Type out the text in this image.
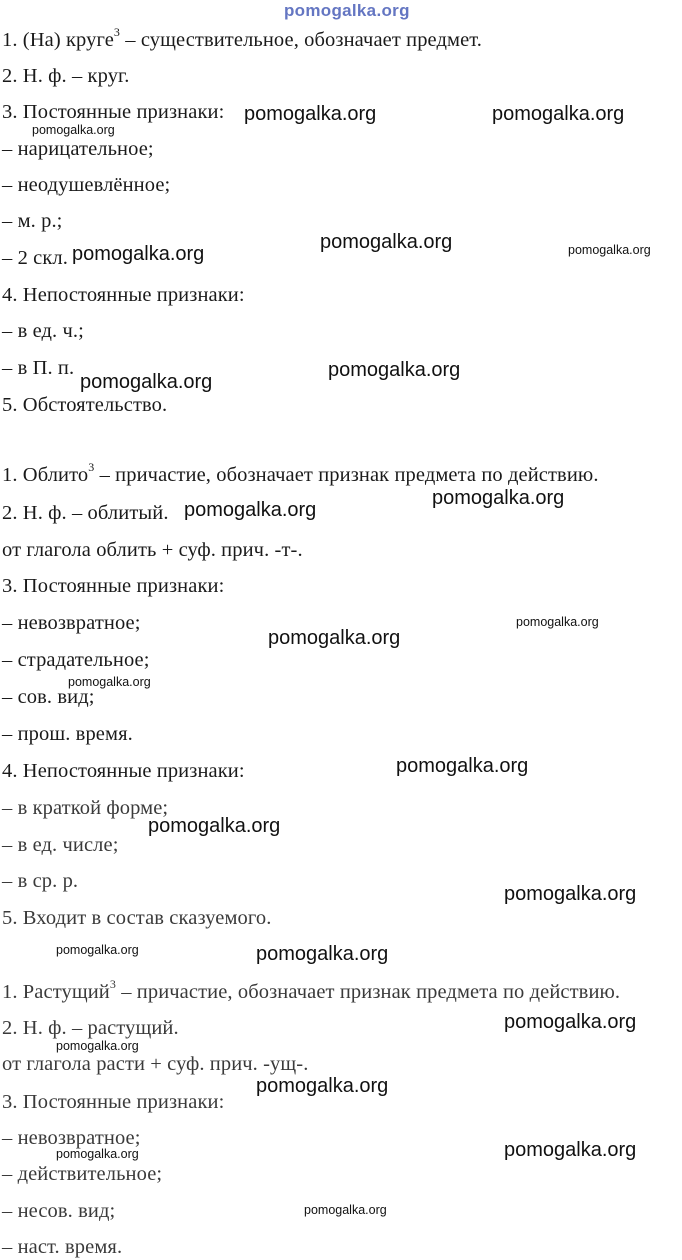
pomogalka.org
1. (На) круге$^3$ – существительное, обозначает предмет.
2. Н. ф. – круг.
3. Постоянные признаки:
– нарицательное;
– неодушевлённое;
– м. р.;
– 2 скл.
4. Непостоянные признаки:
– в ед. ч.;
– в П. п.
5. Обстоятельство.
1. Облито$^3$ – причастие, обозначает признак предмета по действию.
2. Н. ф. – облитый.
от глагола облить + суф. прич. -т-.
3. Постоянные признаки:
– невозвратное;
– страдательное;
– сов. вид;
– прош. время.
4. Непостоянные признаки:
– в краткой форме;
– в ед. числе;
– в ср. р.
5. Входит в состав сказуемого.
1. Растущий$^3$ – причастие, обозначает признак предмета по действию.
2. Н. ф. – растущий.
от глагола расти + суф. прич. -ущ-.
3. Постоянные признаки:
– невозвратное;
– действительное;
– несов. вид;
– наст. время.
pomogalka.org	pomogalka.org
pomogalka.org
pomogalka.org
pomogalka.org
pomogalka.org
pomogalka.org
pomogalka.org
pomogalka.org
pomogalka.org
pomogalka.org
pomogalka.org
pomogalka.org
pomogalka.org
pomogalka.org
pomogalka.org
pomogalka.org
pomogalka.org
pomogalka.org
pomogalka.org
pomogalka.org
pomogalka.org
pomogalka.org
pomogalka.org
